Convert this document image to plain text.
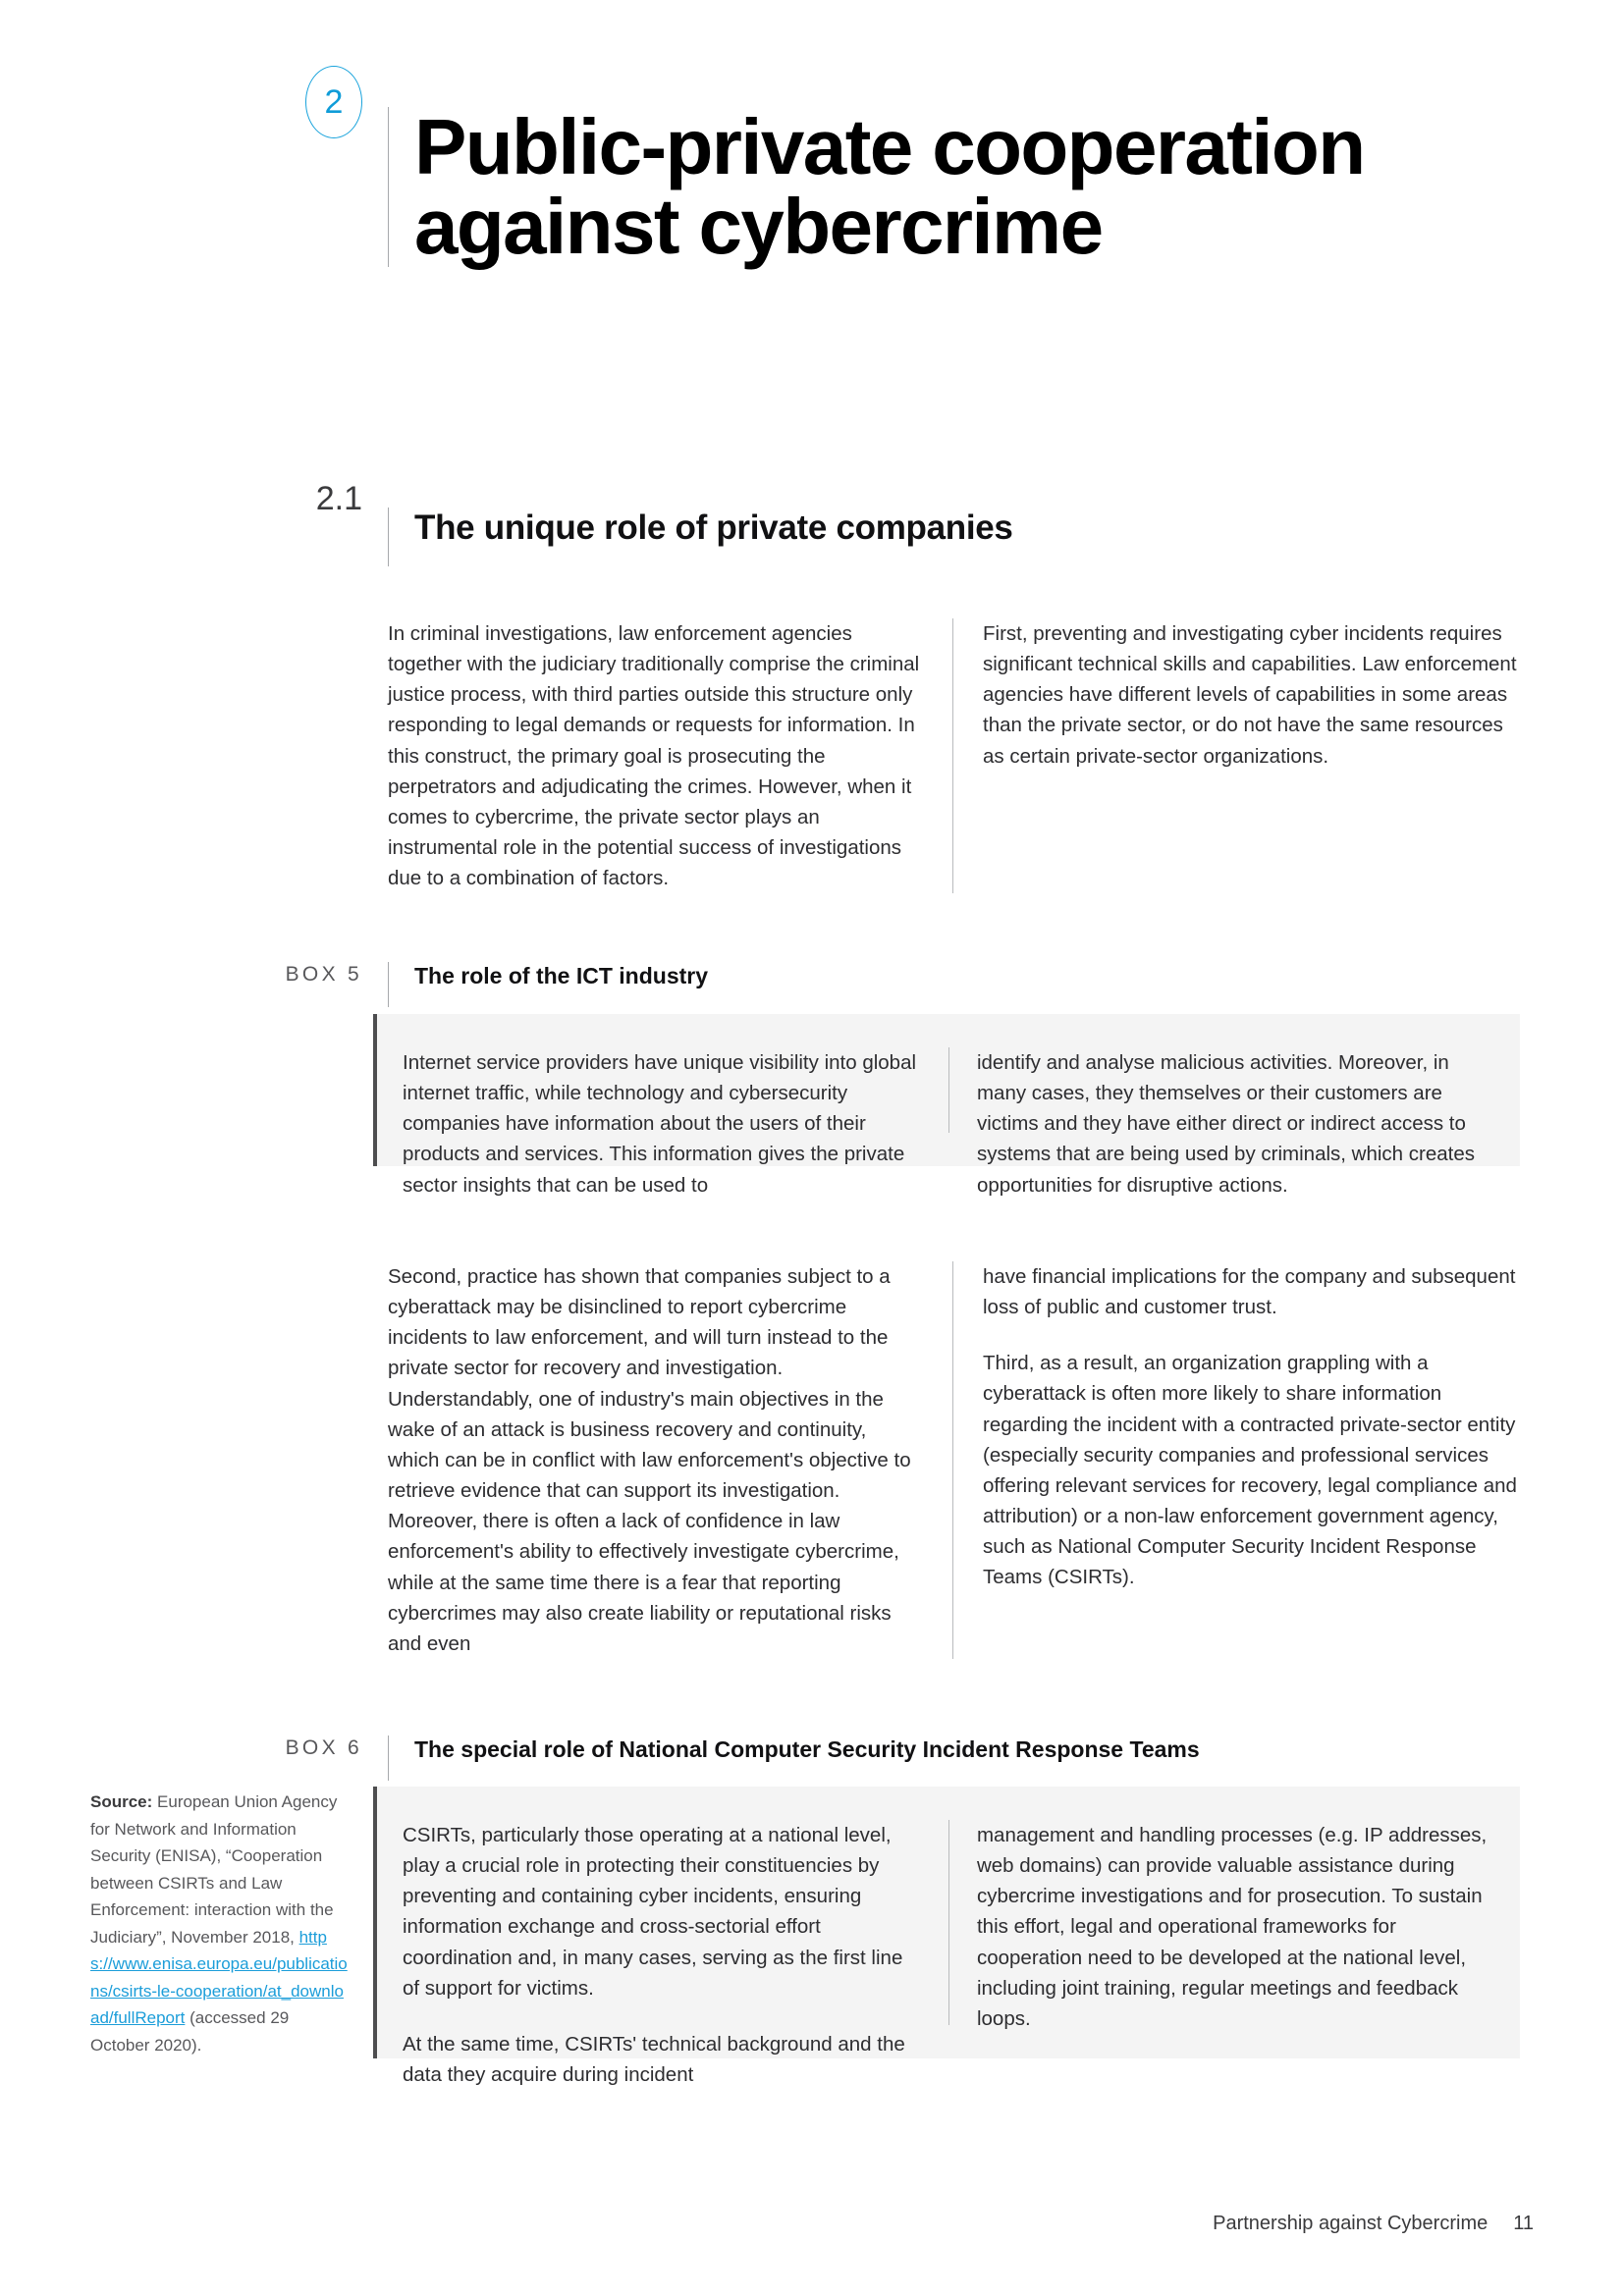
2
Public-private cooperation against cybercrime
2.1
The unique role of private companies

In criminal investigations, law enforcement agencies together with the judiciary traditionally comprise the criminal justice process, with third parties outside this structure only responding to legal demands or requests for information. In this construct, the primary goal is prosecuting the perpetrators and adjudicating the crimes. However, when it comes to cybercrime, the private sector plays an instrumental role in the potential success of investigations due to a combination of factors.

First, preventing and investigating cyber incidents requires significant technical skills and capabilities. Law enforcement agencies have different levels of capabilities in some areas than the private sector, or do not have the same resources as certain private-sector organizations.

BOX 5	The role of the ICT industry

Internet service providers have unique visibility into global internet traffic, while technology and cybersecurity companies have information about the users of their products and services. This information gives the private sector insights that can be used to

identify and analyse malicious activities. Moreover, in many cases, they themselves or their customers are victims and they have either direct or indirect access to systems that are being used by criminals, which creates opportunities for disruptive actions.

Second, practice has shown that companies subject to a cyberattack may be disinclined to report cybercrime incidents to law enforcement, and will turn instead to the private sector for recovery and investigation. Understandably, one of industry's main objectives in the wake of an attack is business recovery and continuity, which can be in conflict with law enforcement's objective to retrieve evidence that can support its investigation. Moreover, there is often a lack of confidence in law enforcement's ability to effectively investigate cybercrime, while at the same time there is a fear that reporting cybercrimes may also create liability or reputational risks and even

have financial implications for the company and subsequent loss of public and customer trust.

Third, as a result, an organization grappling with a cyberattack is often more likely to share information regarding the incident with a contracted private-sector entity (especially security companies and professional services offering relevant services for recovery, legal compliance and attribution) or a non-law enforcement government agency, such as National Computer Security Incident Response Teams (CSIRTs).

BOX 6	The special role of National Computer Security Incident Response Teams

CSIRTs, particularly those operating at a national level, play a crucial role in protecting their constituencies by preventing and containing cyber incidents, ensuring information exchange and cross-sectorial effort coordination and, in many cases, serving as the first line of support for victims.

At the same time, CSIRTs' technical background and the data they acquire during incident

management and handling processes (e.g. IP addresses, web domains) can provide valuable assistance during cybercrime investigations and for prosecution. To sustain this effort, legal and operational frameworks for cooperation need to be developed at the national level, including joint training, regular meetings and feedback loops.

Source: European Union Agency for Network and Information Security (ENISA), “Cooperation between CSIRTs and Law Enforcement: interaction with the Judiciary”, November 2018, https://www.enisa.europa.eu/publications/csirts-le-cooperation/at_download/fullReport (accessed 29 October 2020).
Partnership against Cybercrime 11
